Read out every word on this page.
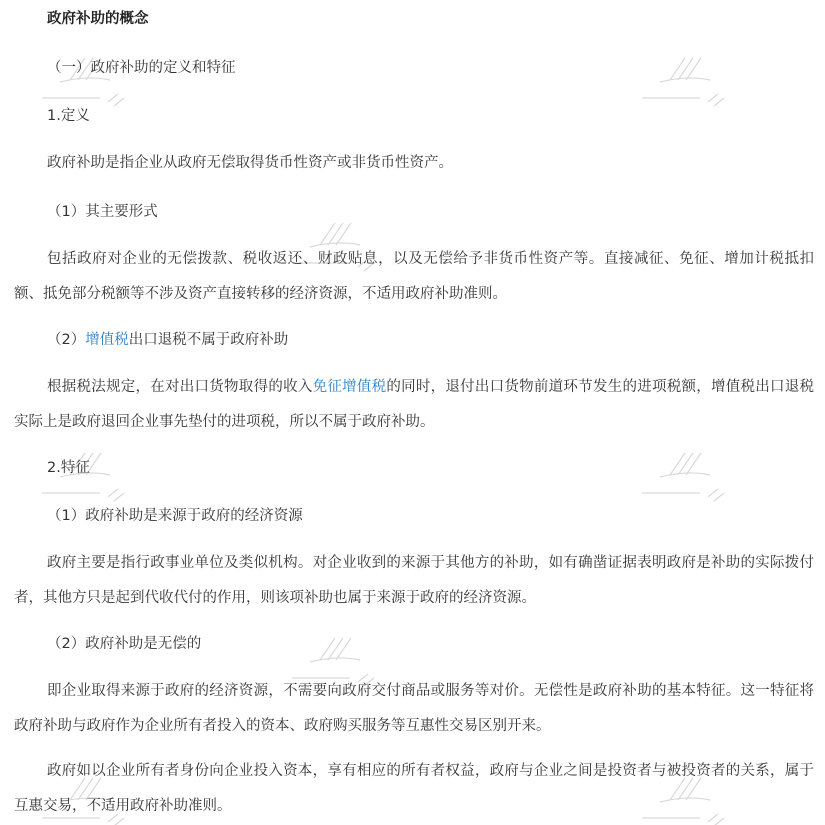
政府补助的概念
（一）政府补助的定义和特征
1.定义
政府补助是指企业从政府无偿取得货币性资产或非货币性资产。
（1）其主要形式
包括政府对企业的无偿拨款、税收返还、财政贴息，以及无偿给予非货币性资产等。直接减征、免征、增加计税抵扣额、抵免部分税额等不涉及资产直接转移的经济资源，不适用政府补助准则。
（2）增值税出口退税不属于政府补助
根据税法规定，在对出口货物取得的收入免征增值税的同时，退付出口货物前道环节发生的进项税额，增值税出口退税实际上是政府退回企业事先垫付的进项税，所以不属于政府补助。
2.特征
（1）政府补助是来源于政府的经济资源
政府主要是指行政事业单位及类似机构。对企业收到的来源于其他方的补助，如有确凿证据表明政府是补助的实际拨付者，其他方只是起到代收代付的作用，则该项补助也属于来源于政府的经济资源。
（2）政府补助是无偿的
即企业取得来源于政府的经济资源，不需要向政府交付商品或服务等对价。无偿性是政府补助的基本特征。这一特征将政府补助与政府作为企业所有者投入的资本、政府购买服务等互惠性交易区别开来。
政府如以企业所有者身份向企业投入资本，享有相应的所有者权益，政府与企业之间是投资者与被投资者的关系，属于互惠交易，不适用政府补助准则。
